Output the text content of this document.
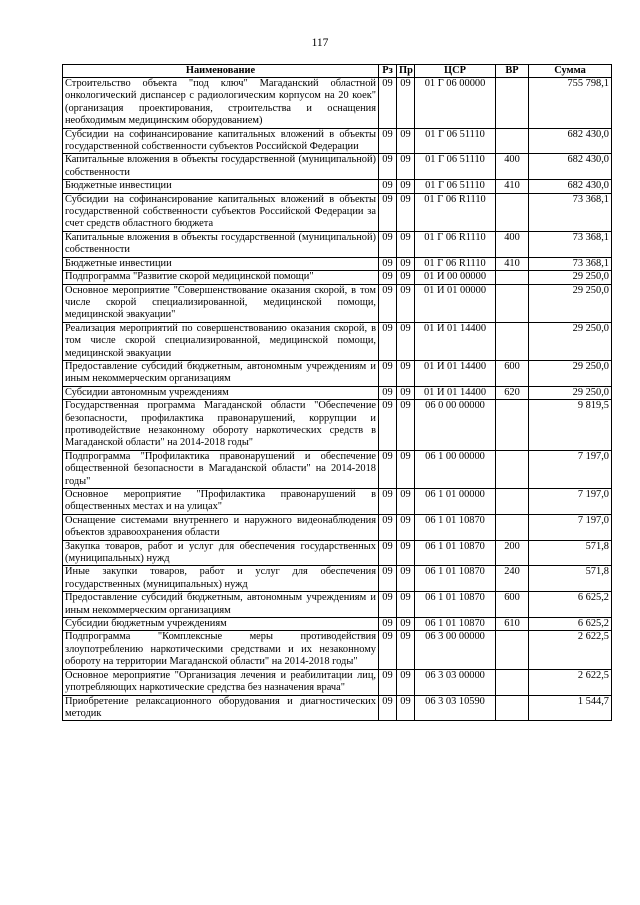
117
Наименование	Рз	Пр	ЦСР	ВР	Сумма
Строительство объекта "под ключ" Магаданский областной онкологический диспансер с радиологическим корпусом на 20 коек" (организация проектирования, строительства и оснащения необходимым медицинским оборудованием)	09	09	01 Г 06 00000		755 798,1
Субсидии на софинансирование капитальных вложений в объекты государственной собственности субъектов Российской Федерации	09	09	01 Г 06 51110		682 430,0
Капитальные вложения в объекты государственной (муниципальной) собственности	09	09	01 Г 06 51110	400	682 430,0
Бюджетные инвестиции	09	09	01 Г 06 51110	410	682 430,0
Субсидии на софинансирование капитальных вложений в объекты государственной собственности субъектов Российской Федерации за счет средств областного бюджета	09	09	01 Г 06 R1110		73 368,1
Капитальные вложения в объекты государственной (муниципальной) собственности	09	09	01 Г 06 R1110	400	73 368,1
Бюджетные инвестиции	09	09	01 Г 06 R1110	410	73 368,1
Подпрограмма "Развитие скорой медицинской помощи"	09	09	01 И 00 00000		29 250,0
Основное мероприятие "Совершенствование оказания скорой, в том числе скорой специализированной, медицинской помощи, медицинской эвакуации"	09	09	01 И 01 00000		29 250,0
Реализация мероприятий по совершенствованию оказания скорой, в том числе скорой специализированной, медицинской помощи, медицинской эвакуации	09	09	01 И 01 14400		29 250,0
Предоставление субсидий бюджетным, автономным учреждениям и иным некоммерческим организациям	09	09	01 И 01 14400	600	29 250,0
Субсидии автономным учреждениям	09	09	01 И 01 14400	620	29 250,0
Государственная программа Магаданской области "Обеспечение безопасности, профилактика правонарушений, коррупции и противодействие незаконному обороту наркотических средств в Магаданской области" на 2014-2018 годы"	09	09	06 0 00 00000		9 819,5
Подпрограмма "Профилактика правонарушений и обеспечение общественной безопасности в Магаданской области" на 2014-2018 годы"	09	09	06 1 00 00000		7 197,0
Основное мероприятие "Профилактика правонарушений в общественных местах и на улицах"	09	09	06 1 01 00000		7 197,0
Оснащение системами внутреннего и наружного видеонаблюдения объектов здравоохранения области	09	09	06 1 01 10870		7 197,0
Закупка товаров, работ и услуг для обеспечения государственных (муниципальных) нужд	09	09	06 1 01 10870	200	571,8
Иные закупки товаров, работ и услуг для обеспечения государственных (муниципальных) нужд	09	09	06 1 01 10870	240	571,8
Предоставление субсидий бюджетным, автономным учреждениям и иным некоммерческим организациям	09	09	06 1 01 10870	600	6 625,2
Субсидии бюджетным учреждениям	09	09	06 1 01 10870	610	6 625,2
Подпрограмма "Комплексные меры противодействия злоупотреблению наркотическими средствами и их незаконному обороту на территории Магаданской области" на 2014-2018 годы"	09	09	06 3 00 00000		2 622,5
Основное мероприятие "Организация лечения и реабилитации лиц, употребляющих наркотические средства без назначения врача"	09	09	06 3 03 00000		2 622,5
Приобретение релаксационного оборудования и диагностических методик	09	09	06 3 03 10590		1 544,7
